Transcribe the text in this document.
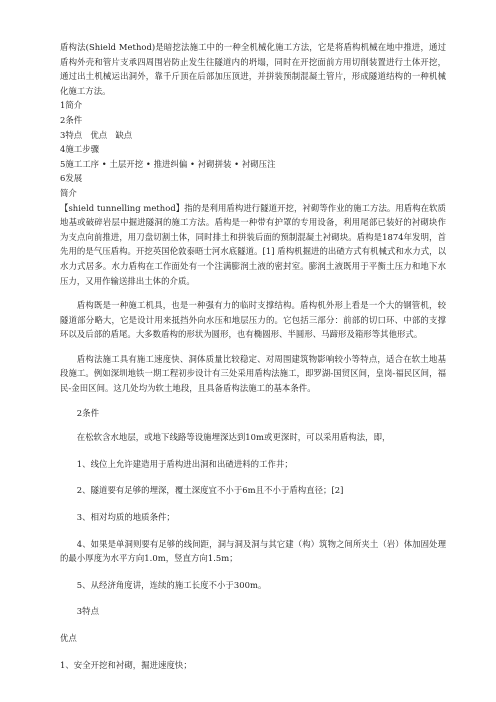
盾构法(Shield Method)是暗挖法施工中的一种全机械化施工方法，它是将盾构机械在地中推进，通过盾构外壳和管片支承四周围岩防止发生往隧道内的坍塌，同时在开挖面前方用切削装置进行土体开挖，通过出土机械运出洞外，靠千斤顶在后部加压顶进，并拼装预制混凝土管片，形成隧道结构的一种机械化施工方法。

1简介

2条件

3特点   优点   缺点

4施工步骤

5施工工序 • 土层开挖 • 推进纠偏 • 衬砌拼装 • 衬砌压注

6发展

简介

【shield tunnelling method】指的是利用盾构进行隧道开挖，衬砌等作业的施工方法。用盾构在软质地基或破碎岩层中掘进隧洞的施工方法。盾构是一种带有护罩的专用设备，利用尾部已装好的衬砌块作为支点向前推进，用刀盘切割土体，同时排土和拼装后面的预制混凝土衬砌块。盾构是1874年发明，首先用的是气压盾构。开挖英国伦敦泰晤士河水底隧道。[1] 盾构机掘进的出碴方式有机械式和水力式，以水力式居多。水力盾构在工作面处有一个注满膨润土液的密封室。膨润土液既用于平衡土压力和地下水压力，又用作输送排出土体的介质。

盾构既是一种施工机具，也是一种强有力的临时支撑结构。盾构机外形上看是一个大的钢管机，较隧道部分略大，它是设计用来抵挡外向水压和地层压力的。它包括三部分：前部的切口环、中部的支撑环以及后部的盾尾。大多数盾构的形状为圆形，也有椭圆形、半圆形、马蹄形及箱形等其他形式。

盾构法施工具有施工速度快、洞体质量比较稳定、对周围建筑物影响较小等特点，适合在软土地基段施工。例如深圳地铁一期工程初步设计有三处采用盾构法施工，即罗湖-国贸区间，皇岗-福民区间，福民-金田区间。这几处均为软土地段，且具备盾构法施工的基本条件。

2条件

在松软含水地层，或地下线路等设施埋深达到10m或更深时，可以采用盾构法，即，

1、线位上允许建造用于盾构进出洞和出碴进料的工作井；

2、隧道要有足够的埋深，覆土深度宜不小于6m且不小于盾构直径；[2]

3、相对均质的地质条件；

4、如果是单洞则要有足够的线间距，洞与洞及洞与其它建（构）筑物之间所夹土（岩）体加固处理的最小厚度为水平方向1.0m，竖直方向1.5m；

5、从经济角度讲，连续的施工长度不小于300m。

3特点

优点

1、安全开挖和衬砌，掘进速度快；
